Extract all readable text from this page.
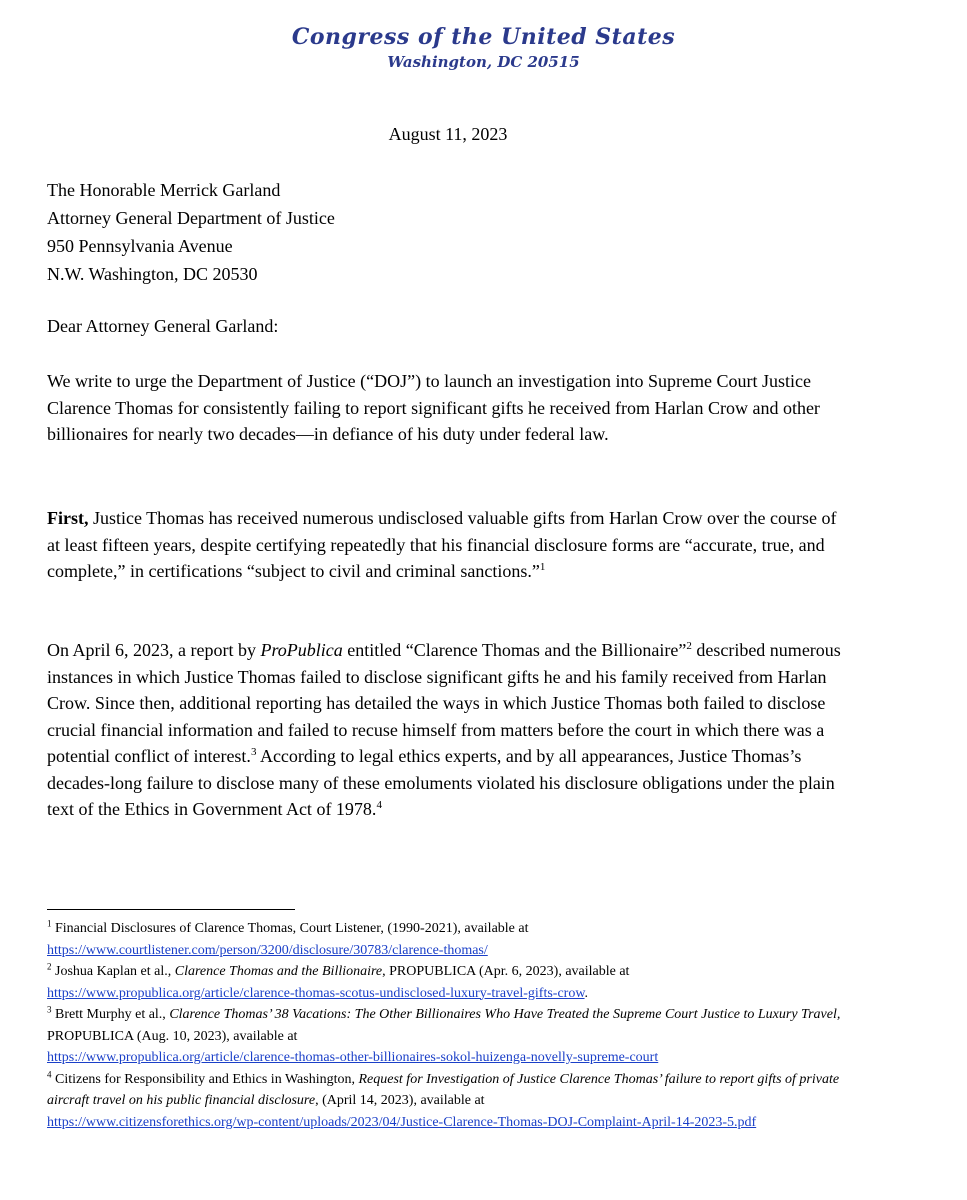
Congress of the United States
Washington, DC 20515
August 11, 2023
The Honorable Merrick Garland
Attorney General Department of Justice
950 Pennsylvania Avenue
N.W. Washington, DC 20530
Dear Attorney General Garland:

We write to urge the Department of Justice (“DOJ”) to launch an investigation into Supreme Court Justice Clarence Thomas for consistently failing to report significant gifts he received from Harlan Crow and other billionaires for nearly two decades—in defiance of his duty under federal law.

First, Justice Thomas has received numerous undisclosed valuable gifts from Harlan Crow over the course of at least fifteen years, despite certifying repeatedly that his financial disclosure forms are “accurate, true, and complete,” in certifications “subject to civil and criminal sanctions.”$^1$

On April 6, 2023, a report by ProPublica entitled “Clarence Thomas and the Billionaire”$^2$ described numerous instances in which Justice Thomas failed to disclose significant gifts he and his family received from Harlan Crow. Since then, additional reporting has detailed the ways in which Justice Thomas both failed to disclose crucial financial information and failed to recuse himself from matters before the court in which there was a potential conflict of interest.$^3$ According to legal ethics experts, and by all appearances, Justice Thomas’s decades-long failure to disclose many of these emoluments violated his disclosure obligations under the plain text of the Ethics in Government Act of 1978.$^4$

$^1$ Financial Disclosures of Clarence Thomas, Court Listener, (1990-2021), available at
https://www.courtlistener.com/person/3200/disclosure/30783/clarence-thomas/

$^2$ Joshua Kaplan et al., Clarence Thomas and the Billionaire, PROPUBLICA (Apr. 6, 2023), available at
https://www.propublica.org/article/clarence-thomas-scotus-undisclosed-luxury-travel-gifts-crow.

$^3$ Brett Murphy et al., Clarence Thomas’ 38 Vacations: The Other Billionaires Who Have Treated the Supreme Court Justice to Luxury Travel, PROPUBLICA (Aug. 10, 2023), available at
https://www.propublica.org/article/clarence-thomas-other-billionaires-sokol-huizenga-novelly-supreme-court

$^4$ Citizens for Responsibility and Ethics in Washington, Request for Investigation of Justice Clarence Thomas’ failure to report gifts of private aircraft travel on his public financial disclosure, (April 14, 2023), available at
https://www.citizensforethics.org/wp-content/uploads/2023/04/Justice-Clarence-Thomas-DOJ-Complaint-April-14-2023-5.pdf
